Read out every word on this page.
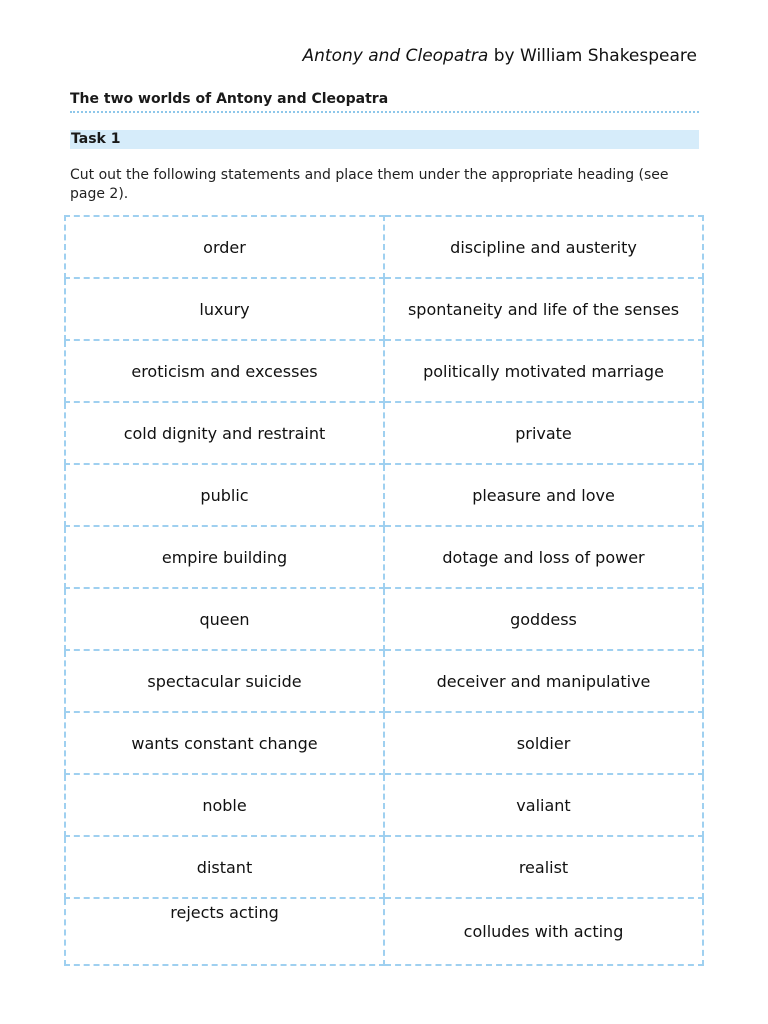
Antony and Cleopatra by William Shakespeare
The two worlds of Antony and Cleopatra
Task 1
Cut out the following statements and place them under the appropriate heading (see page 2).
order	discipline and austerity
luxury	spontaneity and life of the senses
eroticism and excesses	politically motivated marriage
cold dignity and restraint	private
public	pleasure and love
empire building	dotage and loss of power
queen	goddess
spectacular suicide	deceiver and manipulative
wants constant change	soldier
noble	valiant
distant	realist
rejects acting	colludes with acting
